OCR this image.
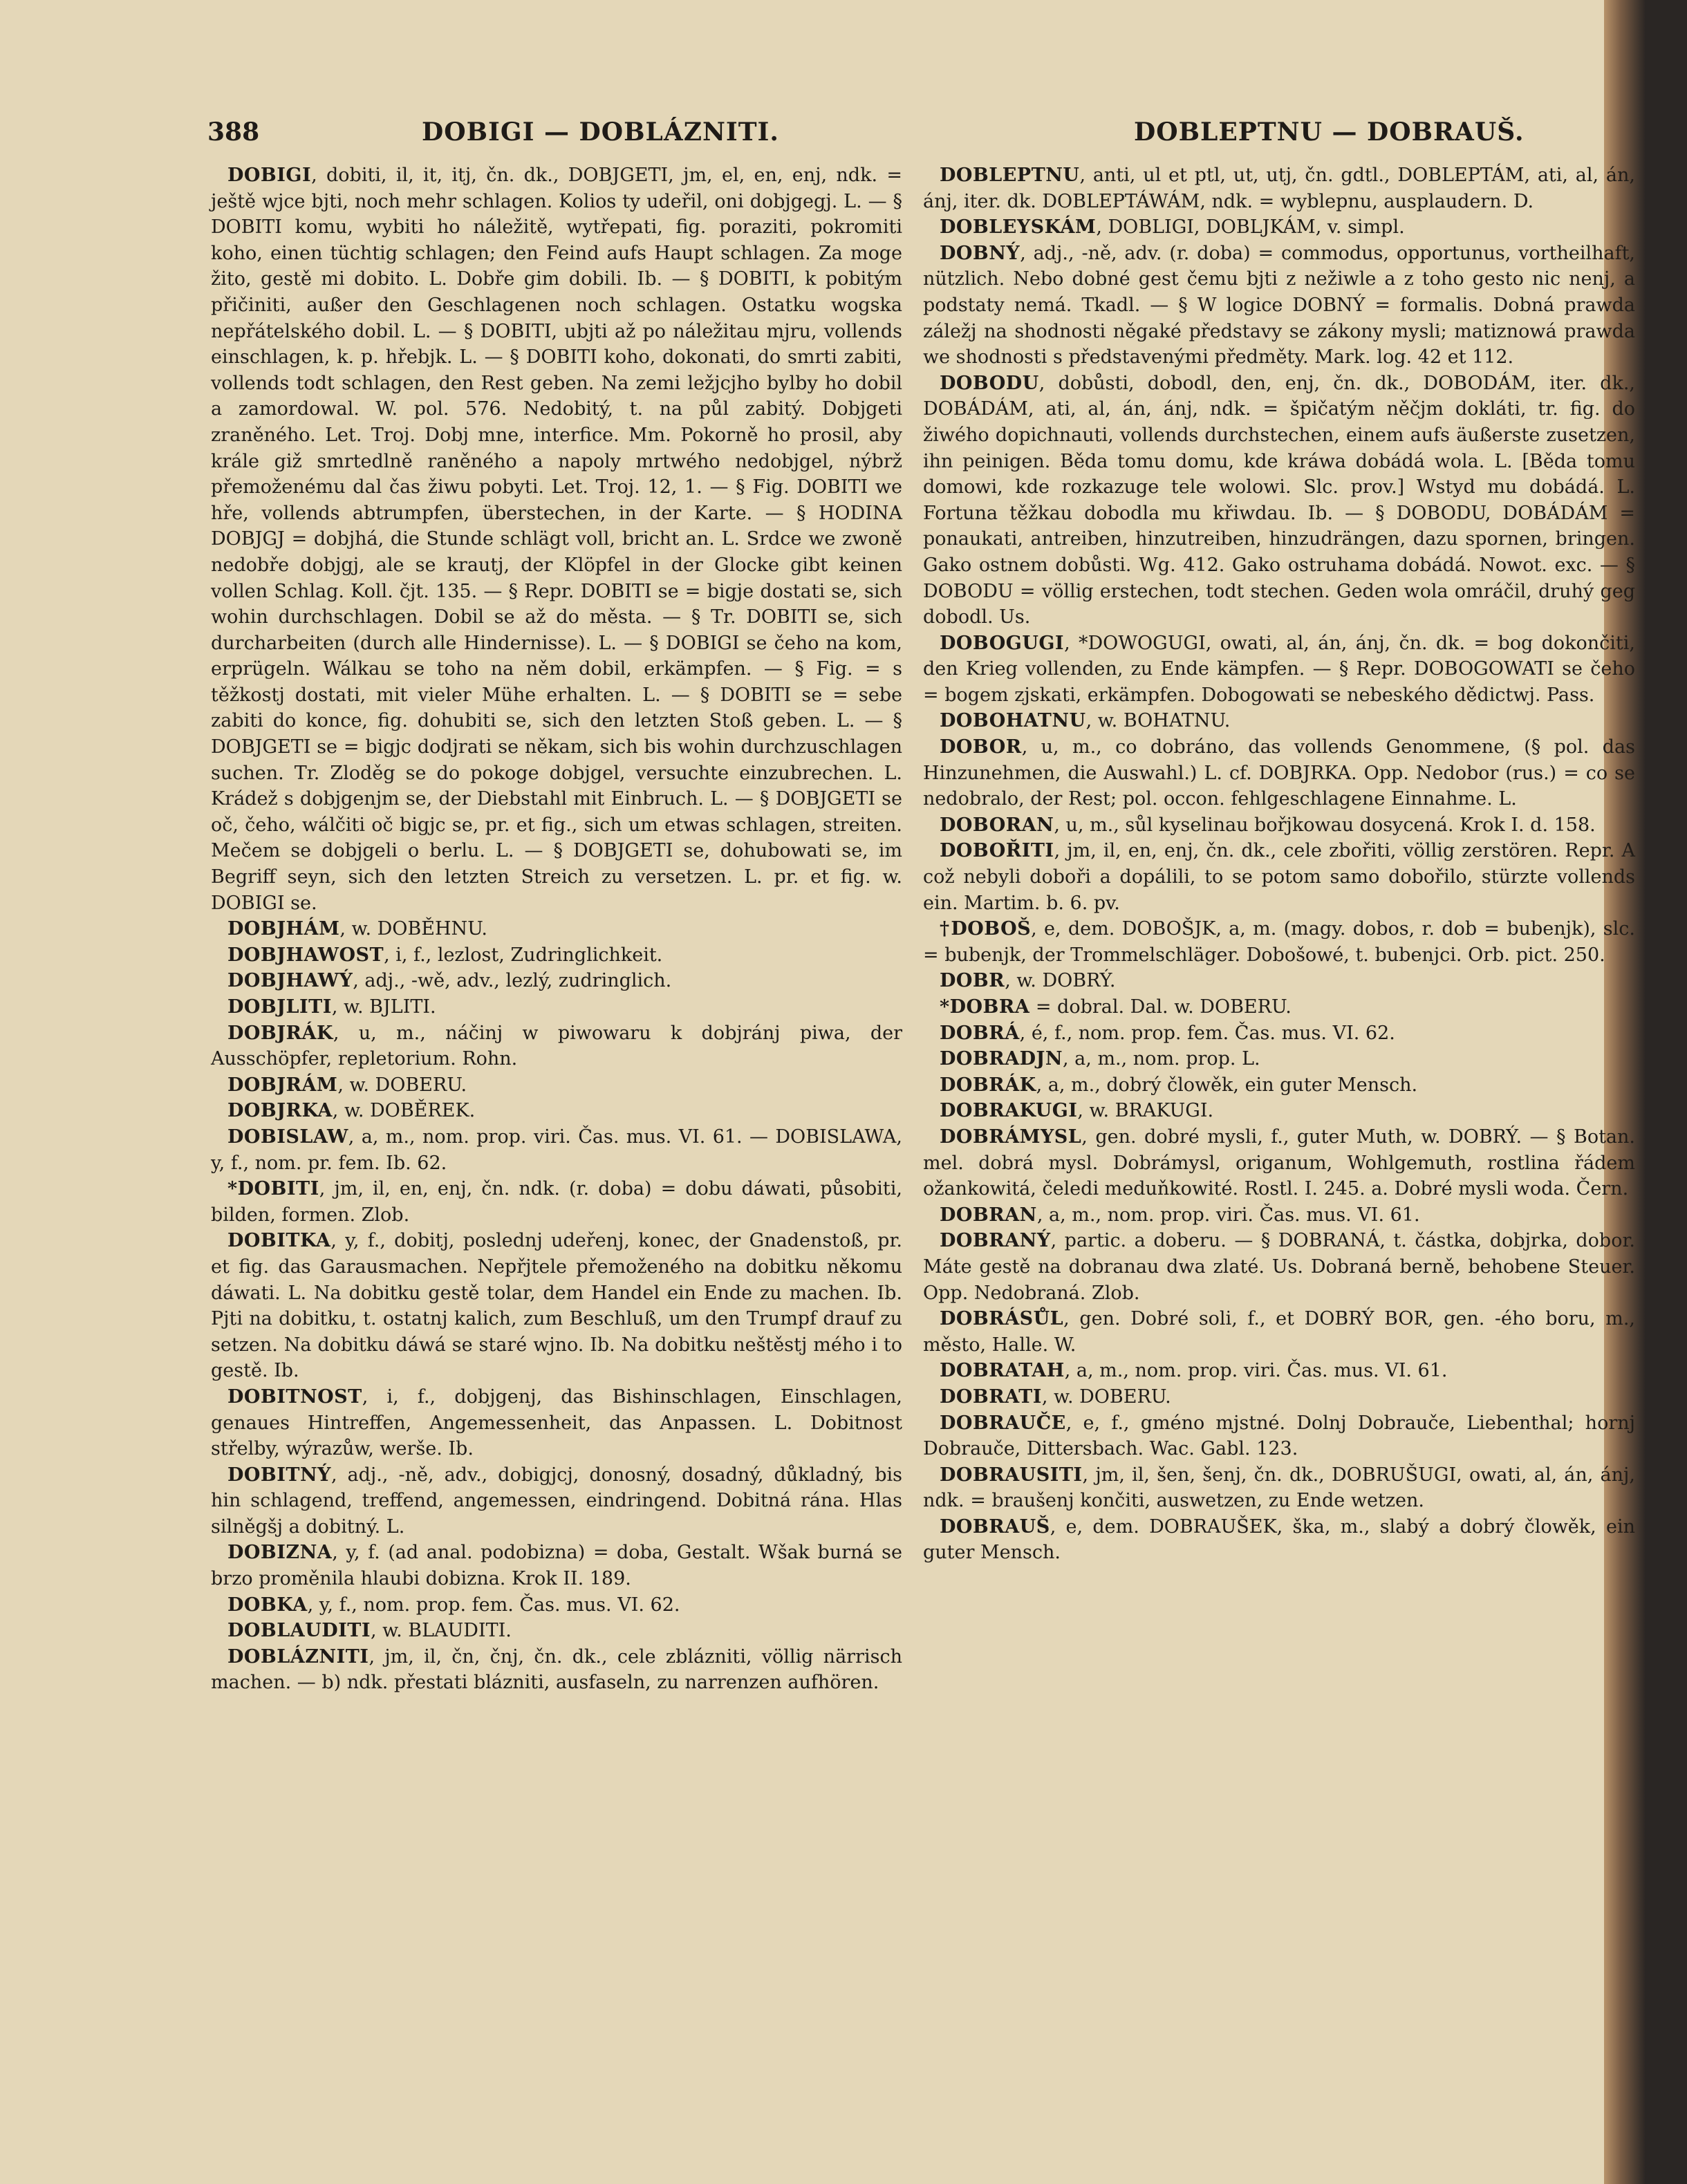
388	DOBIGI — DOBLÁZNITI.	DOBLEPTNU — DOBRAUŠ.

DOBIGI, dobiti, il, it, itj, čn. dk., DOBJGETI, jm, el, en, enj, ndk. = ještě wjce bjti, noch mehr schlagen. Kolios ty udeřil, oni dobjgegj. L. — § DOBITI komu, wybiti ho náležitě, wytřepati, fig. poraziti, pokromiti koho, einen tüchtig schlagen; den Feind aufs Haupt schlagen. Za moge žito, gestě mi dobito. L. Dobře gim dobili. Ib. — § DOBITI, k pobitým přičiniti, außer den Geschlagenen noch schlagen. Ostatku wogska nepřátelského dobil. L. — § DOBITI, ubjti až po náležitau mjru, vollends einschlagen, k. p. hřebjk. L. — § DOBITI koho, dokonati, do smrti zabiti, vollends todt schlagen, den Rest geben. Na zemi ležjcjho bylby ho dobil a zamordowal. W. pol. 576. Nedobitý, t. na půl zabitý. Dobjgeti zraněného. Let. Troj. Dobj mne, interfice. Mm. Pokorně ho prosil, aby krále giž smrtedlně raněného a napoly mrtwého nedobjgel, nýbrž přemoženému dal čas žiwu pobyti. Let. Troj. 12, 1. — § Fig. DOBITI we hře, vollends abtrumpfen, überstechen, in der Karte. — § HODINA DOBJGJ = dobjhá, die Stunde schlägt voll, bricht an. L. Srdce we zwoně nedobře dobjgj, ale se krautj, der Klöpfel in der Glocke gibt keinen vollen Schlag. Koll. čjt. 135. — § Repr. DOBITI se = bigje dostati se, sich wohin durchschlagen. Dobil se až do města. — § Tr. DOBITI se, sich durcharbeiten (durch alle Hindernisse). L. — § DOBIGI se čeho na kom, erprügeln. Wálkau se toho na něm dobil, erkämpfen. — § Fig. = s těžkostj dostati, mit vieler Mühe erhalten. L. — § DOBITI se = sebe zabiti do konce, fig. dohubiti se, sich den letzten Stoß geben. L. — § DOBJGETI se = bigjc dodjrati se někam, sich bis wohin durchzuschlagen suchen. Tr. Zloděg se do pokoge dobjgel, versuchte einzubrechen. L. Krádež s dobjgenjm se, der Diebstahl mit Einbruch. L. — § DOBJGETI se oč, čeho, wálčiti oč bigjc se, pr. et fig., sich um etwas schlagen, streiten. Mečem se dobjgeli o berlu. L. — § DOBJGETI se, dohubowati se, im Begriff seyn, sich den letzten Streich zu versetzen. L. pr. et fig. w. DOBIGI se.

DOBJHÁM, w. DOBĚHNU.

DOBJHAWOST, i, f., lezlost, Zudringlichkeit.

DOBJHAWÝ, adj., -wě, adv., lezlý, zudringlich.

DOBJLITI, w. BJLITI.

DOBJRÁK, u, m., náčinj w piwowaru k dobjránj piwa, der Ausschöpfer, repletorium. Rohn.

DOBJRÁM, w. DOBERU.

DOBJRKA, w. DOBĚREK.

DOBISLAW, a, m., nom. prop. viri. Čas. mus. VI. 61. — DOBISLAWA, y, f., nom. pr. fem. Ib. 62.

*DOBITI, jm, il, en, enj, čn. ndk. (r. doba) = dobu dáwati, působiti, bilden, formen. Zlob.

DOBITKA, y, f., dobitj, poslednj udeřenj, konec, der Gnadenstoß, pr. et fig. das Garausmachen. Nepřjtele přemoženého na dobitku někomu dáwati. L. Na dobitku gestě tolar, dem Handel ein Ende zu machen. Ib. Pjti na dobitku, t. ostatnj kalich, zum Beschluß, um den Trumpf drauf zu setzen. Na dobitku dáwá se staré wjno. Ib. Na dobitku neštěstj mého i to gestě. Ib.

DOBITNOST, i, f., dobjgenj, das Bishinschlagen, Einschlagen, genaues Hintreffen, Angemessenheit, das Anpassen. L. Dobitnost střelby, wýrazůw, werše. Ib.

DOBITNÝ, adj., -ně, adv., dobigjcj, donosný, dosadný, důkladný, bis hin schlagend, treffend, angemessen, eindringend. Dobitná rána. Hlas silněgšj a dobitný. L.

DOBIZNA, y, f. (ad anal. podobizna) = doba, Gestalt. Wšak burná se brzo proměnila hlaubi dobizna. Krok II. 189.

DOBKA, y, f., nom. prop. fem. Čas. mus. VI. 62.

DOBLAUDITI, w. BLAUDITI.

DOBLÁZNITI, jm, il, čn, čnj, čn. dk., cele zblázniti, völlig närrisch machen. — b) ndk. přestati blázniti, ausfaseln, zu narrenzen aufhören.

DOBLEPTNU, anti, ul et ptl, ut, utj, čn. gdtl., DOBLEPTÁM, ati, al, án, ánj, iter. dk. DOBLEPTÁWÁM, ndk. = wyblepnu, ausplaudern. D.

DOBLEYSKÁM, DOBLIGI, DOBLJKÁM, v. simpl.

DOBNÝ, adj., -ně, adv. (r. doba) = commodus, opportunus, vortheilhaft, nützlich. Nebo dobné gest čemu bjti z nežiwle a z toho gesto nic nenj, a podstaty nemá. Tkadl. — § W logice DOBNÝ = formalis. Dobná prawda záležj na shodnosti něgaké představy se zákony mysli; matiznowá prawda we shodnosti s představenými předměty. Mark. log. 42 et 112.

DOBODU, dobůsti, dobodl, den, enj, čn. dk., DOBODÁM, iter. dk., DOBÁDÁM, ati, al, án, ánj, ndk. = špičatým něčjm dokláti, tr. fig. do žiwého dopichnauti, vollends durchstechen, einem aufs äußerste zusetzen, ihn peinigen. Běda tomu domu, kde kráwa dobádá wola. L. [Běda tomu domowi, kde rozkazuge tele wolowi. Slc. prov.] Wstyd mu dobádá. L. Fortuna těžkau dobodla mu křiwdau. Ib. — § DOBODU, DOBÁDÁM = ponaukati, antreiben, hinzutreiben, hinzudrängen, dazu spornen, bringen. Gako ostnem dobůsti. Wg. 412. Gako ostruhama dobádá. Nowot. exc. — § DOBODU = völlig erstechen, todt stechen. Geden wola omráčil, druhý geg dobodl. Us.

DOBOGUGI, *DOWOGUGI, owati, al, án, ánj, čn. dk. = bog dokončiti, den Krieg vollenden, zu Ende kämpfen. — § Repr. DOBOGOWATI se čeho = bogem zjskati, erkämpfen. Dobogowati se nebeského dědictwj. Pass.

DOBOHATNU, w. BOHATNU.

DOBOR, u, m., co dobráno, das vollends Genommene, (§ pol. das Hinzunehmen, die Auswahl.) L. cf. DOBJRKA. Opp. Nedobor (rus.) = co se nedobralo, der Rest; pol. occon. fehlgeschlagene Einnahme. L.

DOBORAN, u, m., sůl kyselinau bořjkowau dosycená. Krok I. d. 158.

DOBOŘITI, jm, il, en, enj, čn. dk., cele zbořiti, völlig zerstören. Repr. A což nebyli doboři a dopálili, to se potom samo dobořilo, stürzte vollends ein. Martim. b. 6. pv.

†DOBOŠ, e, dem. DOBOŠJK, a, m. (magy. dobos, r. dob = bubenjk), slc. = bubenjk, der Trommelschläger. Dobošowé, t. bubenjci. Orb. pict. 250.

DOBR, w. DOBRÝ.

*DOBRA = dobral. Dal. w. DOBERU.

DOBRÁ, é, f., nom. prop. fem. Čas. mus. VI. 62.

DOBRADJN, a, m., nom. prop. L.

DOBRÁK, a, m., dobrý člowěk, ein guter Mensch.

DOBRAKUGI, w. BRAKUGI.

DOBRÁMYSL, gen. dobré mysli, f., guter Muth, w. DOBRÝ. — § Botan. mel. dobrá mysl. Dobrámysl, origanum, Wohlgemuth, rostlina řádem ožankowitá, čeledi meduňkowité. Rostl. I. 245. a. Dobré mysli woda. Čern.

DOBRAN, a, m., nom. prop. viri. Čas. mus. VI. 61.

DOBRANÝ, partic. a doberu. — § DOBRANÁ, t. částka, dobjrka, dobor. Máte gestě na dobranau dwa zlaté. Us. Dobraná berně, behobene Steuer. Opp. Nedobraná. Zlob.

DOBRÁSŮL, gen. Dobré soli, f., et DOBRÝ BOR, gen. -ého boru, m., město, Halle. W.

DOBRATAH, a, m., nom. prop. viri. Čas. mus. VI. 61.

DOBRATI, w. DOBERU.

DOBRAUČE, e, f., gméno mjstné. Dolnj Dobrauče, Liebenthal; hornj Dobrauče, Dittersbach. Wac. Gabl. 123.

DOBRAUSITI, jm, il, šen, šenj, čn. dk., DOBRUŠUGI, owati, al, án, ánj, ndk. = braušenj končiti, auswetzen, zu Ende wetzen.

DOBRAUŠ, e, dem. DOBRAUŠEK, ška, m., slabý a dobrý člowěk, ein guter Mensch.
